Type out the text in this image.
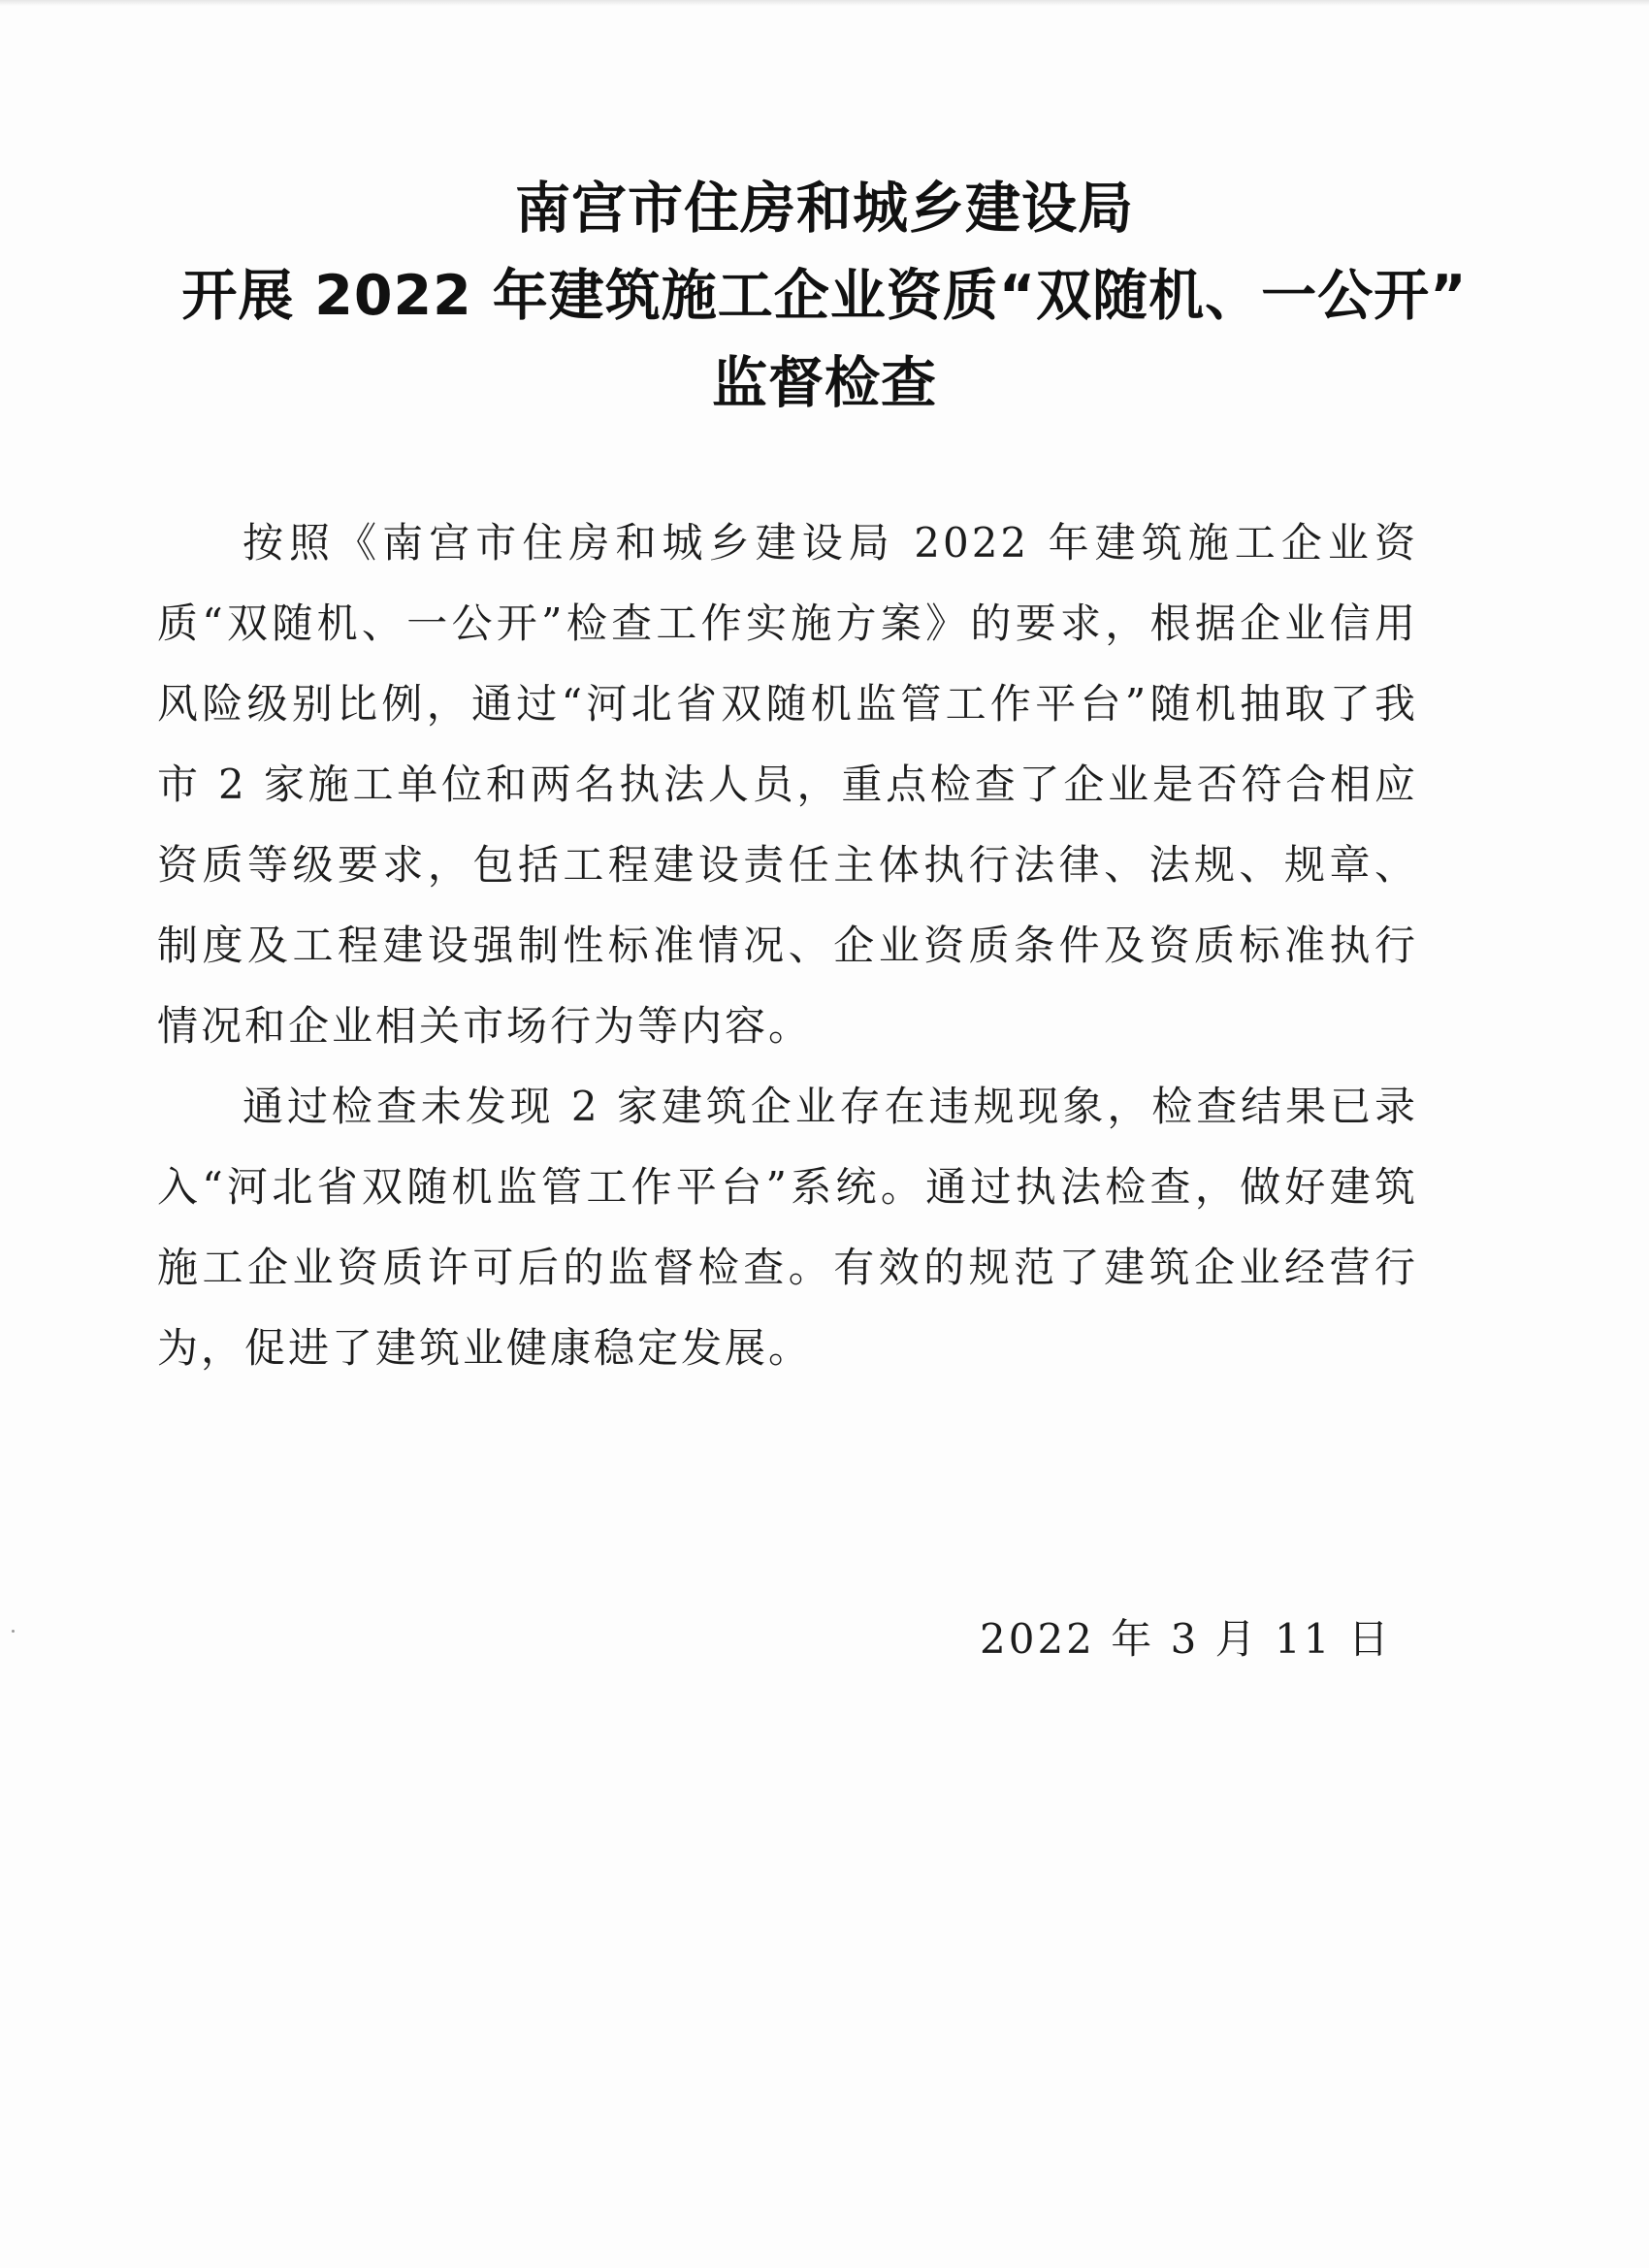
南宫市住房和城乡建设局
开展 2022 年建筑施工企业资质“双随机、一公开”
监督检查

按照《南宫市住房和城乡建设局 2022 年建筑施工企业资质“双随机、一公开”检查工作实施方案》的要求，根据企业信用风险级别比例，通过“河北省双随机监管工作平台”随机抽取了我市 2 家施工单位和两名执法人员，重点检查了企业是否符合相应资质等级要求，包括工程建设责任主体执行法律、法规、规章、制度及工程建设强制性标准情况、企业资质条件及资质标准执行情况和企业相关市场行为等内容。

通过检查未发现 2 家建筑企业存在违规现象，检查结果已录入“河北省双随机监管工作平台”系统。通过执法检查，做好建筑施工企业资质许可后的监督检查。有效的规范了建筑企业经营行为，促进了建筑业健康稳定发展。

2022 年 3 月 11 日
